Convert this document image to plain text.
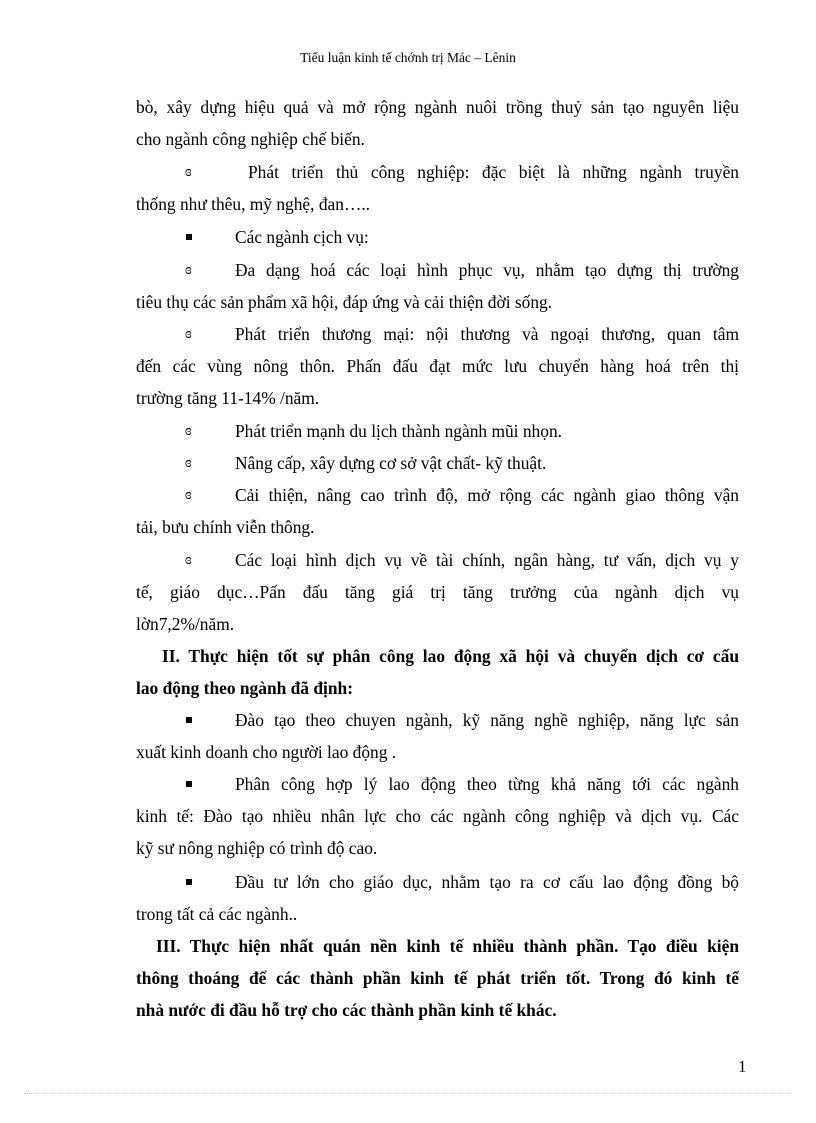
Tiểu luận kinh tế chớnh trị Mác – Lênin
bò, xây dựng hiệu quả và mở rộng ngành nuôi trồng thuỷ sản tạo nguyên liệu
cho ngành công nghiệp chế biến.
ɞ	Phát triển thủ công nghiệp: đặc biệt là những ngành truyền
thống như thêu, mỹ nghệ, đan…..
Các ngành cịch vụ:
ɞ Đa dạng hoá các loại hình phục vụ, nhằm tạo dựng thị trường
tiêu thụ các sản phẩm xã hội, đáp ứng và cải thiện đời sống.
ɞ Phát triển thương mại: nội thương và ngoại thương, quan tâm
đến các vùng nông thôn. Phấn đấu đạt mức lưu chuyển hàng hoá trên thị
trường tăng 11-14% /năm.
ɞ Phát triển mạnh du lịch thành ngành mũi nhọn.
ɞ Nâng cấp, xây dựng cơ sở vật chất- kỹ thuật.
ɞ Cải thiện, nâng cao trình độ, mở rộng các ngành giao thông vận
tải, bưu chính viễn thông.
ɞ Các loại hình dịch vụ về tài chính, ngân hàng, tư vấn, dịch vụ y
tế, giáo dục…Pấn đấu tăng giá trị tăng trưởng của ngành dịch vụ
lờn7,2%/năm.
II. Thực hiện tốt sự phân công lao động xã hội và chuyển dịch cơ cấu
lao động theo ngành đã định:
Đào tạo theo chuyen ngành, kỹ năng nghề nghiệp, năng lực sản
xuất kinh doanh cho người lao động .
Phân công hợp lý lao động theo từng khả năng tới các ngành
kinh tế: Đào tạo nhiều nhân lực cho các ngành công nghiệp và dịch vụ. Các
kỹ sư nông nghiệp có trình độ cao.
Đầu tư lớn cho giáo dục, nhằm tạo ra cơ cấu lao động đồng bộ
trong tất cả các ngành..
III. Thực hiện nhất quán nền kinh tế nhiều thành phần. Tạo điều kiện
thông thoáng để các thành phần kinh tế phát triển tốt. Trong đó kinh tế
nhà nước đi đầu hỗ trợ cho các thành phần kinh tế khác.
1
